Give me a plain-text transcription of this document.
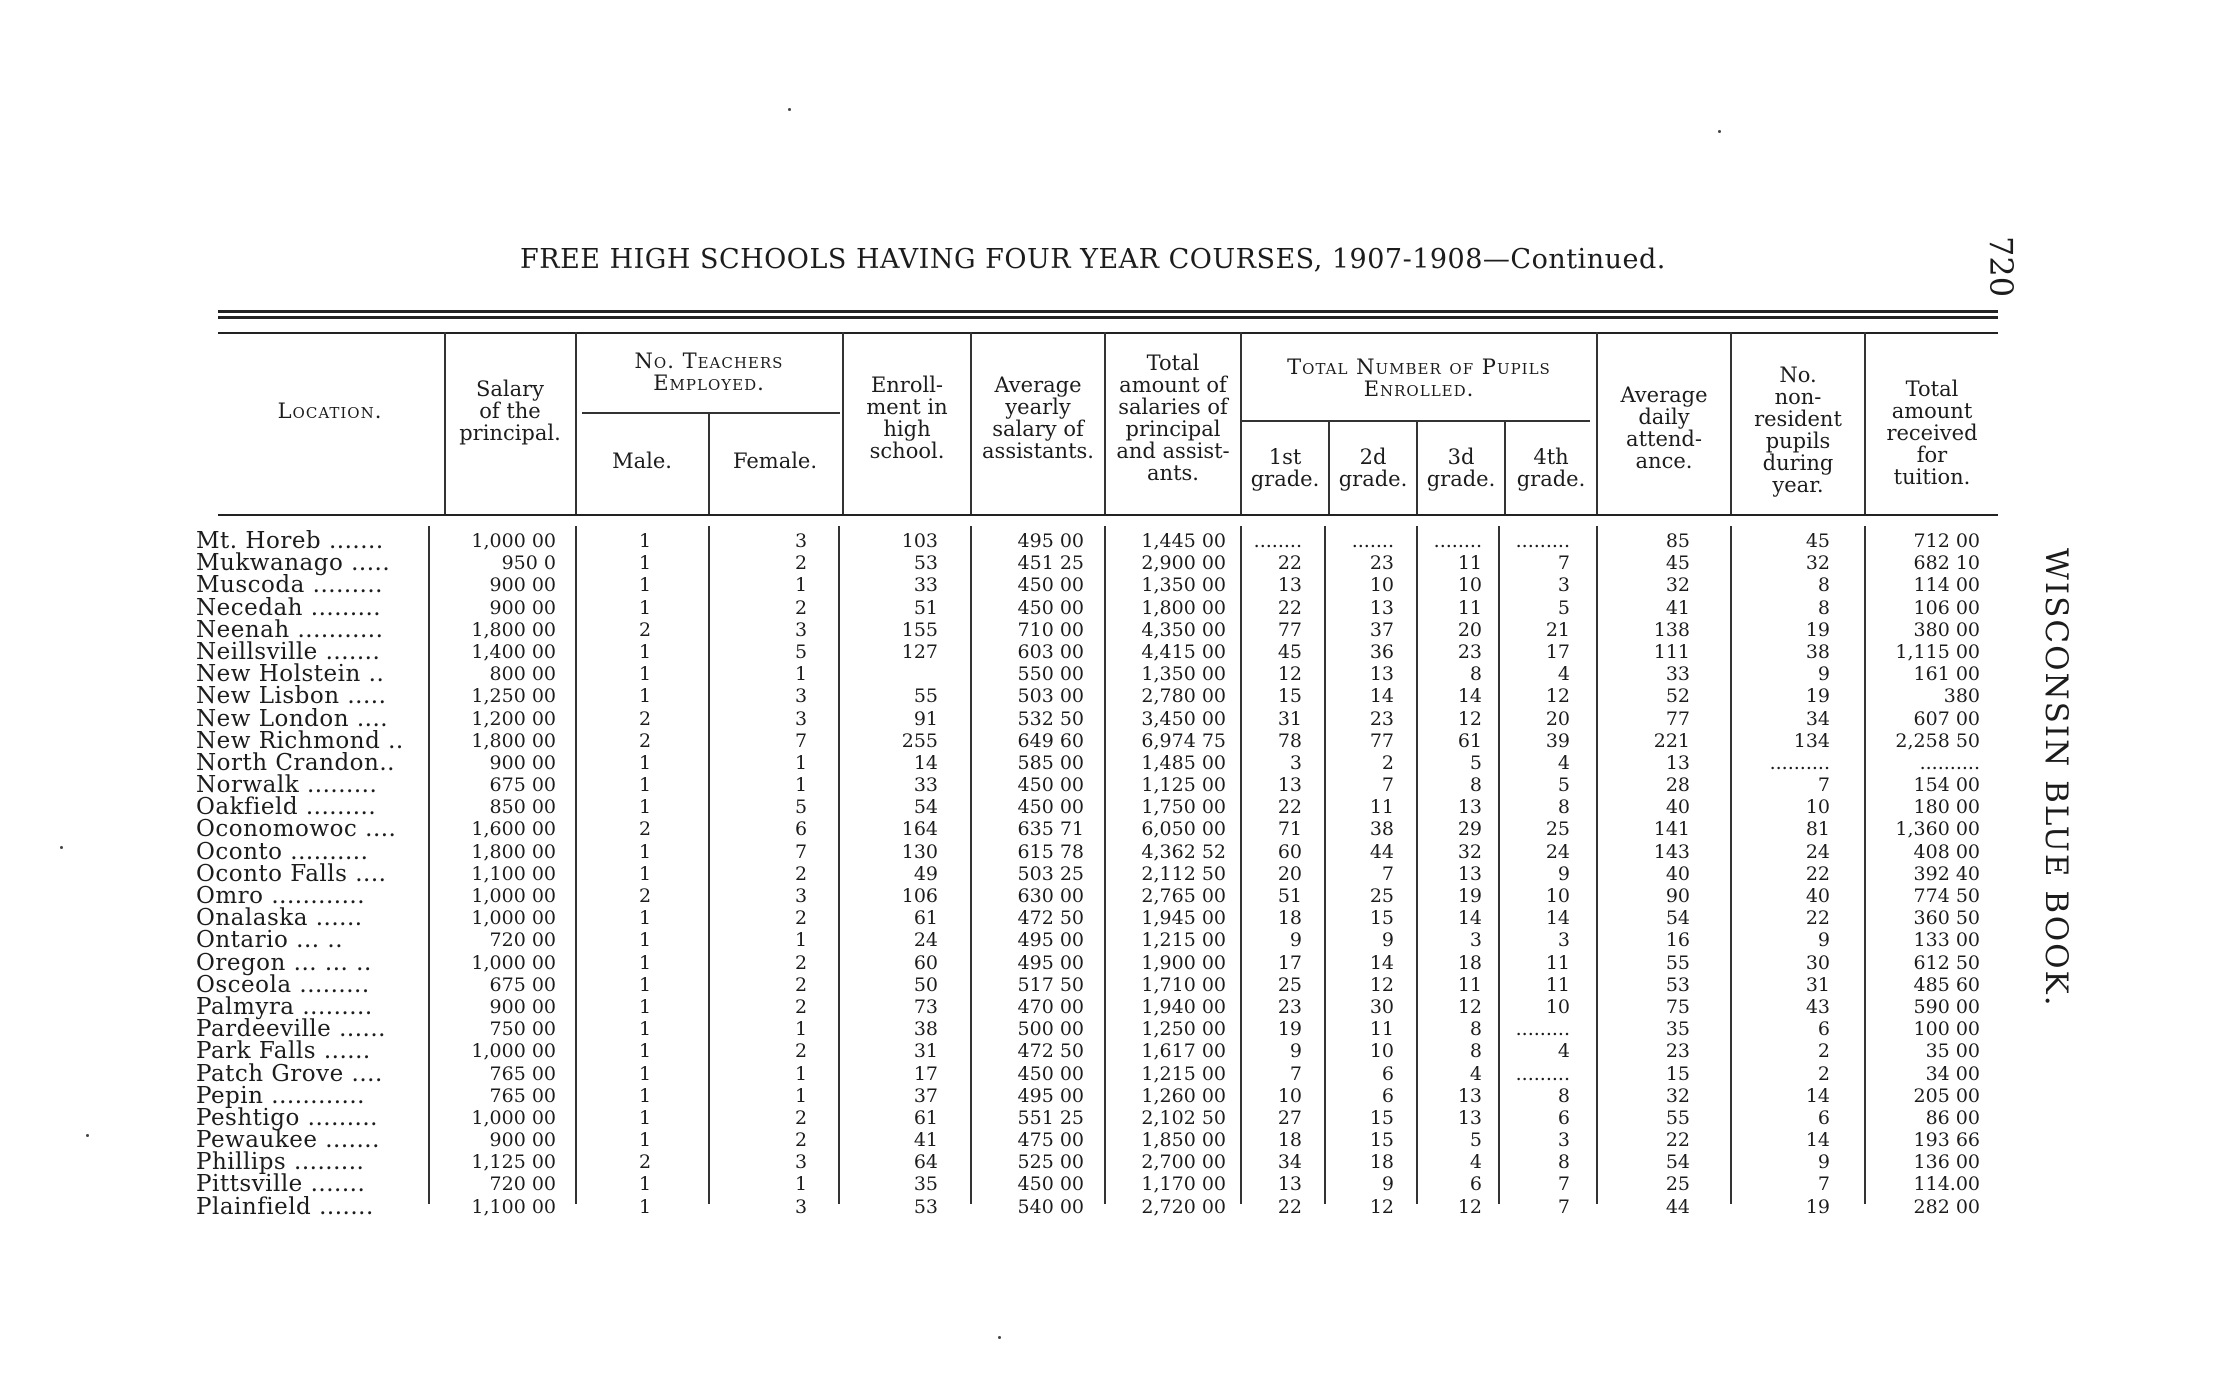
FREE HIGH SCHOOLS HAVING FOUR YEAR COURSES, 1907-1908—Continued.	720
WISCONSIN BLUE BOOK.
Location.
Salary
of the
principal.
No. Teachers
Employed.
Male.	Female.
Enroll-
ment in
high
school.
Average
yearly
salary of
assistants.
Total
amount of
salaries of
principal
and assist-
ants.
Total Number of Pupils
Enrolled.
1st
grade.
2d
grade.
3d
grade.
4th
grade.
Average
daily
attend-
ance.
No.
non-
resident
pupils
during
year.
Total
amount
received
for
tuition.
Mt. Horeb .......
Mukwanago .....
Muscoda .........
Necedah .........
Neenah ...........
Neillsville .......
New Holstein ..
New Lisbon .....
New London ....
New Richmond ..
North Crandon..
Norwalk .........
Oakfield .........
Oconomowoc ....
Oconto ..........
Oconto Falls ....
Omro ............
Onalaska ......
Ontario ... ..
Oregon ... ... ..
Osceola .........
Palmyra .........
Pardeeville ......
Park Falls ......
Patch Grove ....
Pepin ............
Peshtigo .........
Pewaukee .......
Phillips .........
Pittsville .......
Plainfield .......
1,000 00
950 0
900 00
900 00
1,800 00
1,400 00
800 00
1,250 00
1,200 00
1,800 00
900 00
675 00
850 00
1,600 00
1,800 00
1,100 00
1,000 00
1,000 00
720 00
1,000 00
675 00
900 00
750 00
1,000 00
765 00
765 00
1,000 00
900 00
1,125 00
720 00
1,100 00
1
1
1
1
2
1
1
1
2
2
1
1
1
2
1
1
2
1
1
1
1
1
1
1
1
1
1
1
2
1
1
3
2
1
2
3
5
1
3
3
7
1
1
5
6
7
2
3
2
1
2
2
2
1
2
1
1
2
2
3
1
3
103
53
33
51
155
127
55
91
255
14
33
54
164
130
49
106
61
24
60
50
73
38
31
17
37
61
41
64
35
53
495 00
451 25
450 00
450 00
710 00
603 00
550 00
503 00
532 50
649 60
585 00
450 00
450 00
635 71
615 78
503 25
630 00
472 50
495 00
495 00
517 50
470 00
500 00
472 50
450 00
495 00
551 25
475 00
525 00
450 00
540 00
1,445 00
2,900 00
1,350 00
1,800 00
4,350 00
4,415 00
1,350 00
2,780 00
3,450 00
6,974 75
1,485 00
1,125 00
1,750 00
6,050 00
4,362 52
2,112 50
2,765 00
1,945 00
1,215 00
1,900 00
1,710 00
1,940 00
1,250 00
1,617 00
1,215 00
1,260 00
2,102 50
1,850 00
2,700 00
1,170 00
2,720 00
........
22
13
22
77
45
12
15
31
78
3
13
22
71
60
20
51
18
9
17
25
23
19
9
7
10
27
18
34
13
22
.......
23
10
13
37
36
13
14
23
77
2
7
11
38
44
7
25
15
9
14
12
30
11
10
6
6
15
15
18
9
12
........
11
10
11
20
23
8
14
12
61
5
8
13
29
32
13
19
14
3
18
11
12
8
8
4
13
13
5
4
6
12
.........
7
3
5
21
17
4
12
20
39
4
5
8
25
24
9
10
14
3
11
11
10
.........
4
.........
8
6
3
8
7
7
85
45
32
41
138
111
33
52
77
221
13
28
40
141
143
40
90
54
16
55
53
75
35
23
15
32
55
22
54
25
44
45
32
8
8
19
38
9
19
34
134
..........
7
10
81
24
22
40
22
9
30
31
43
6
2
2
14
6
14
9
7
19
712 00
682 10
114 00
106 00
380 00
1,115 00
161 00
380
607 00
2,258 50
..........
154 00
180 00
1,360 00
408 00
392 40
774 50
360 50
133 00
612 50
485 60
590 00
100 00
35 00
34 00
205 00
86 00
193 66
136 00
114.00
282 00
